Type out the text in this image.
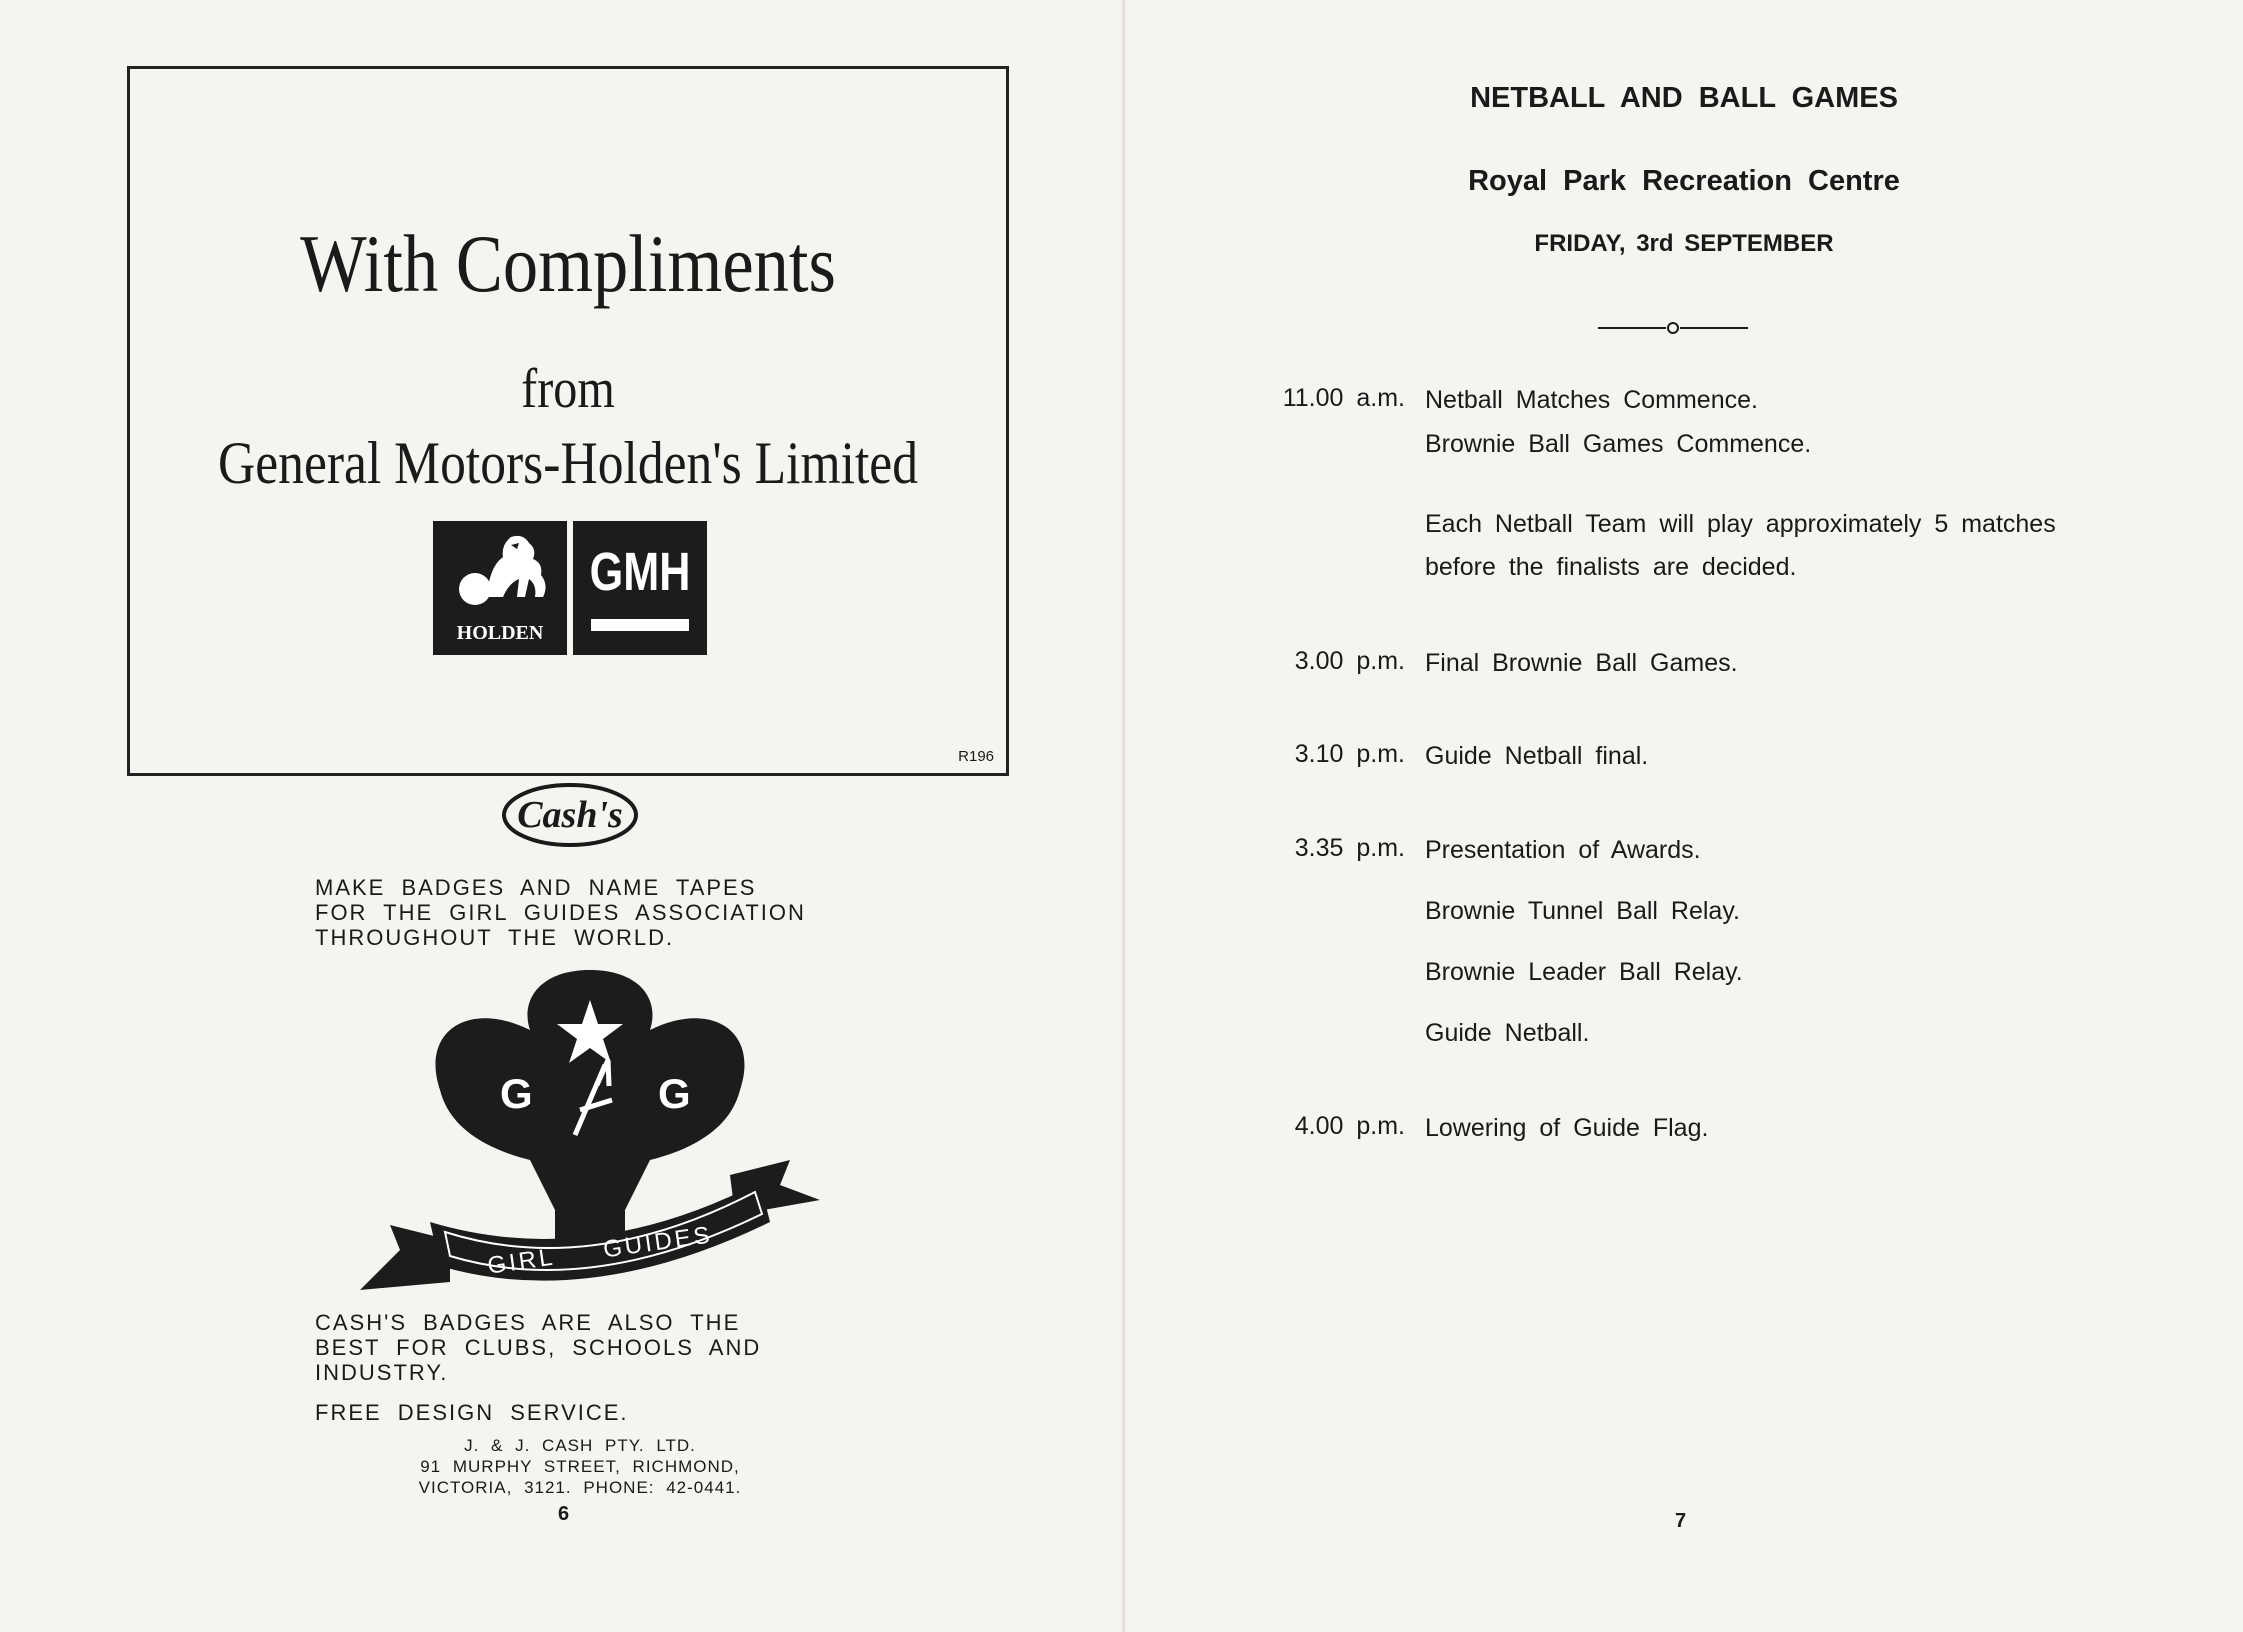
With Compliments
from
General Motors-Holden's Limited
HOLDEN
GMH
R196
Cash's
MAKE BADGES AND NAME TAPES
FOR THE GIRL GUIDES ASSOCIATION
THROUGHOUT THE WORLD.
G	G
GIRL GUIDES
CASH'S BADGES ARE ALSO THE
BEST FOR CLUBS, SCHOOLS AND
INDUSTRY.
FREE DESIGN SERVICE.
J. & J. CASH PTY. LTD.
91 MURPHY STREET, RICHMOND,
VICTORIA, 3121. PHONE: 42-0441.
6
NETBALL AND BALL GAMES
Royal Park Recreation Centre
FRIDAY, 3rd SEPTEMBER
11.00 a.m. Netball Matches Commence.
Brownie Ball Games Commence.
Each Netball Team will play approximately 5 matches
before the finalists are decided.
3.00 p.m. Final Brownie Ball Games.
3.10 p.m. Guide Netball final.
3.35 p.m. Presentation of Awards.
Brownie Tunnel Ball Relay.
Brownie Leader Ball Relay.
Guide Netball.
4.00 p.m. Lowering of Guide Flag.
7
